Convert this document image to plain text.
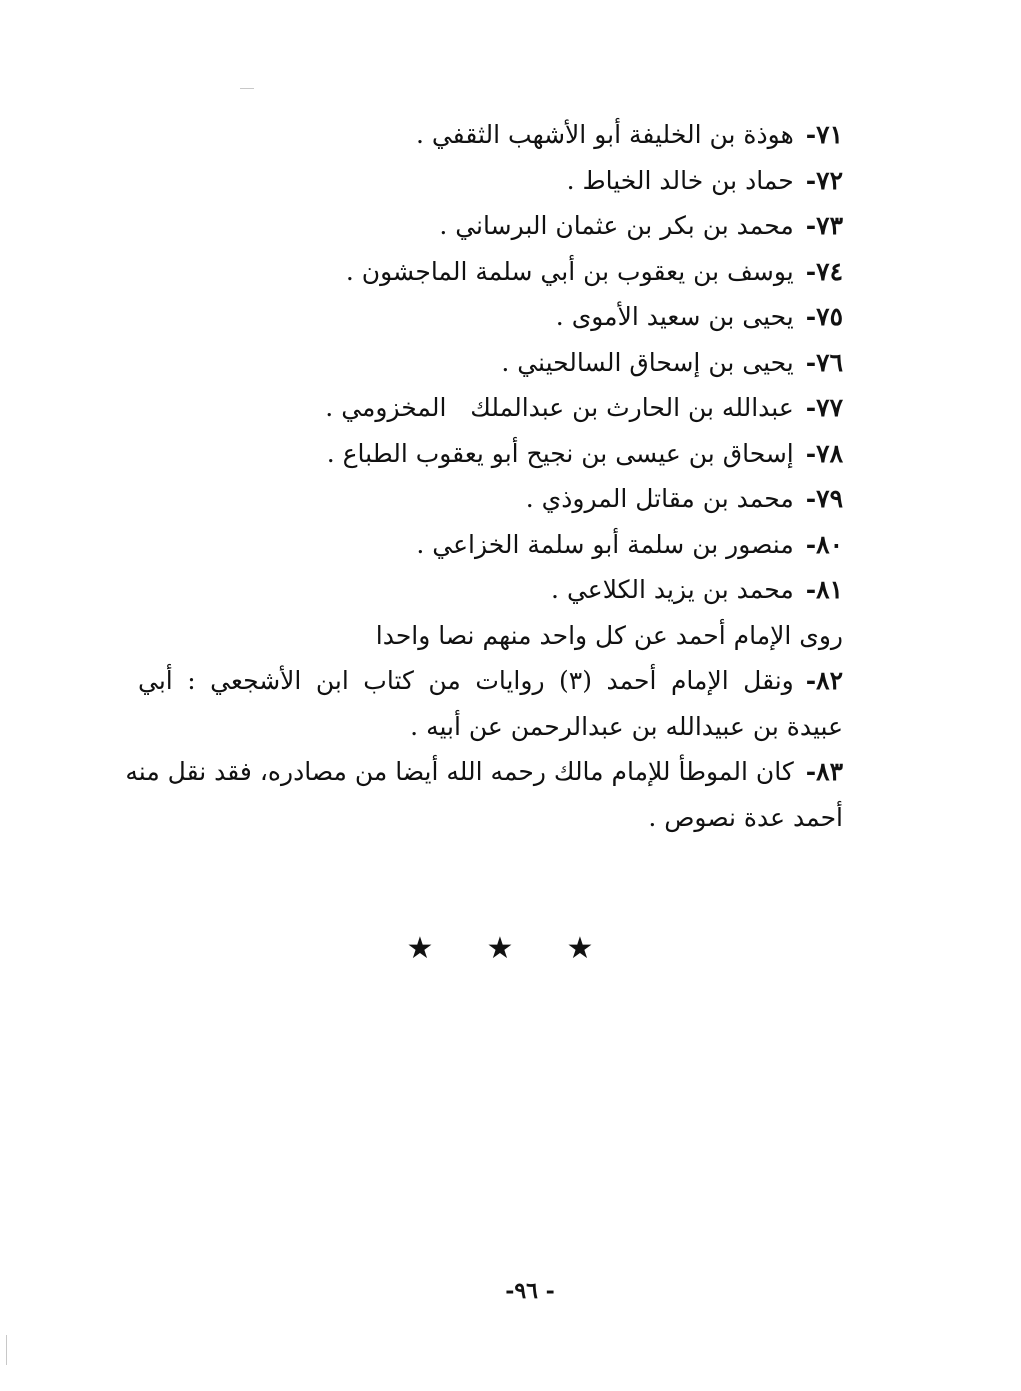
٧١-هوذة بن الخليفة أبو الأشهب الثقفي .
٧٢-حماد بن خالد الخياط .
٧٣-محمد بن بكر بن عثمان البرساني .
٧٤-يوسف بن يعقوب بن أبي سلمة الماجشون .
٧٥-يحيى بن سعيد الأموى .
٧٦-يحيى بن إسحاق السالحيني .
٧٧-عبدالله بن الحارث بن عبدالملك   المخزومي .
٧٨-إسحاق بن عيسى بن نجيح أبو يعقوب الطباع .
٧٩-محمد بن مقاتل المروذي .
٨٠-منصور بن سلمة أبو سلمة الخزاعي .
٨١-محمد بن يزيد الكلاعي .
روى الإمام أحمد عن كل واحد منهم نصا واحدا
٨٢-ونقل الإمام أحمد (٣) روايات من كتاب ابن الأشجعي : أبي
عبيدة بن عبيدالله بن عبدالرحمن عن أبيه .
٨٣-كان الموطأ للإمام مالك رحمه الله أيضا من مصادره، فقد نقل منه
أحمد عدة نصوص .
★ ★ ★
- ٩٦-
